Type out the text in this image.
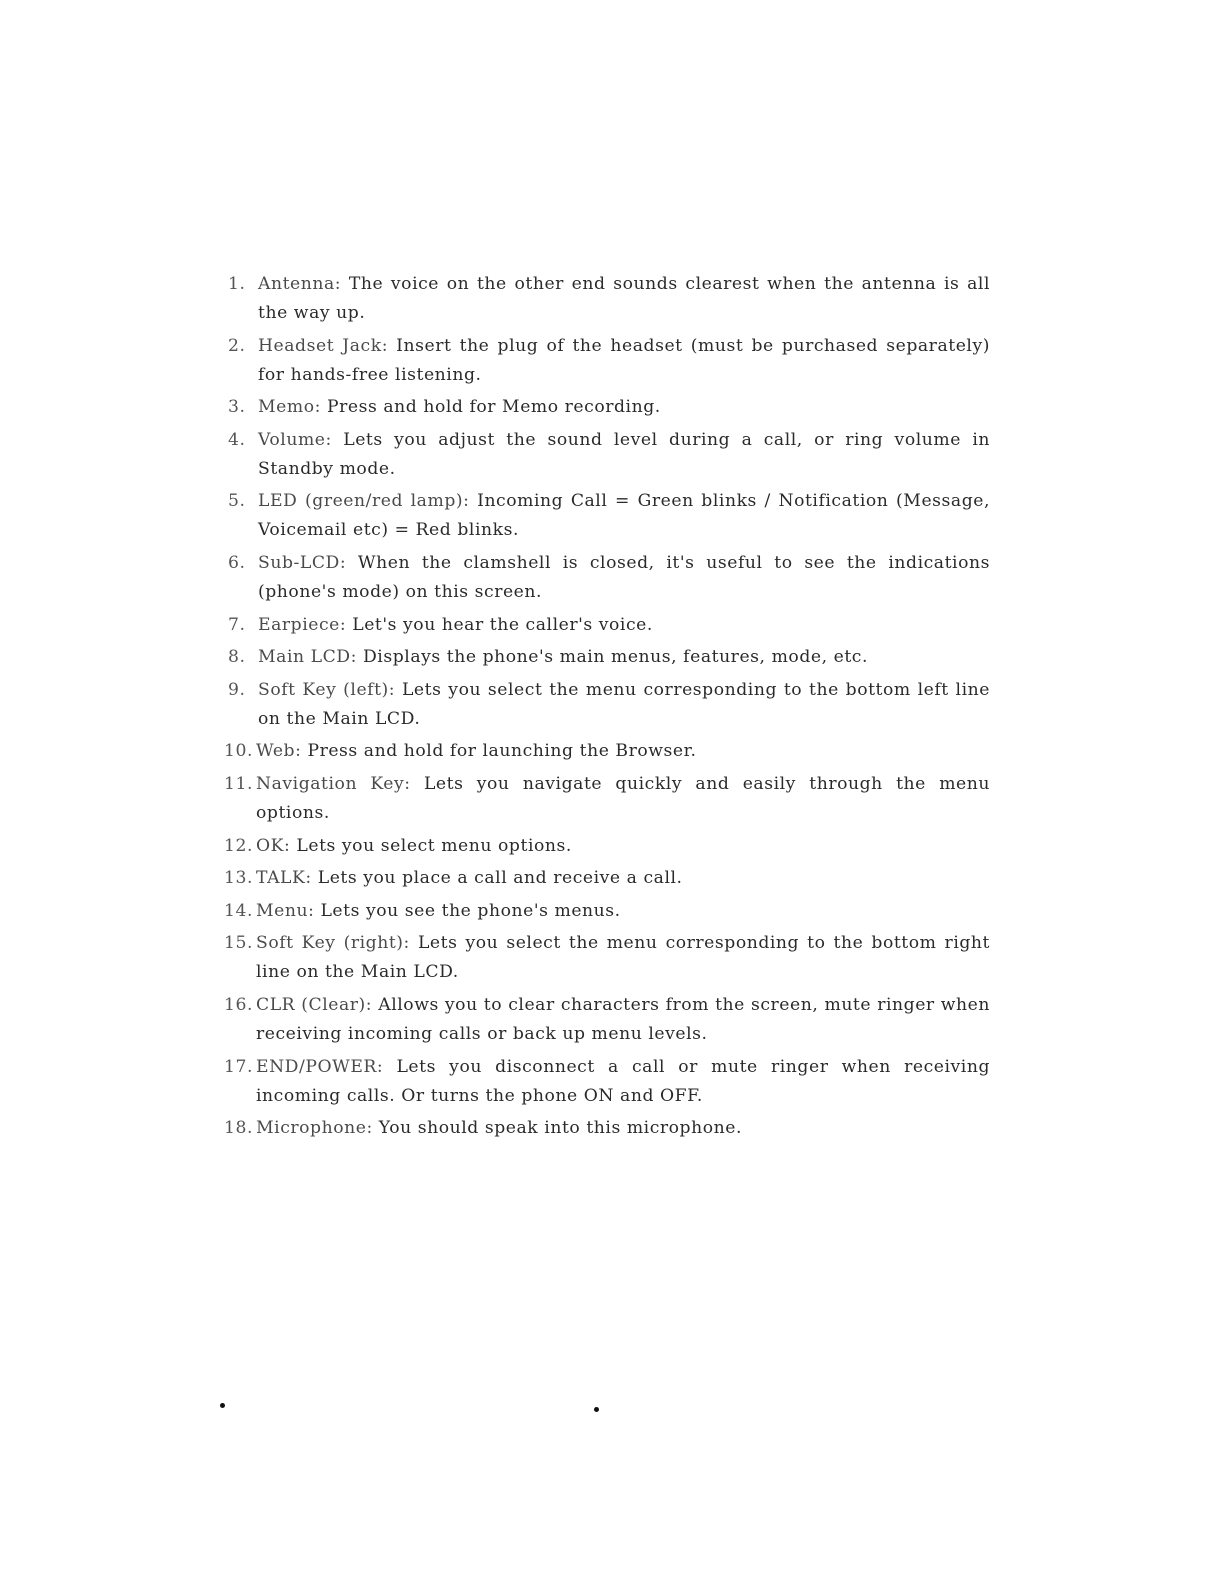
1. Antenna: The voice on the other end sounds clearest when the antenna is all the way up.
2. Headset Jack: Insert the plug of the headset (must be purchased separately) for hands-free listening.
3. Memo: Press and hold for Memo recording.
4. Volume: Lets you adjust the sound level during a call, or ring volume in Standby mode.
5. LED (green/red lamp): Incoming Call = Green blinks / Notification (Message, Voicemail etc) = Red blinks.
6. Sub-LCD: When the clamshell is closed, it's useful to see the indications (phone's mode) on this screen.
7. Earpiece: Let's you hear the caller's voice.
8. Main LCD: Displays the phone's main menus, features, mode, etc.
9. Soft Key (left): Lets you select the menu corresponding to the bottom left line on the Main LCD.
10. Web: Press and hold for launching the Browser.
11. Navigation Key: Lets you navigate quickly and easily through the menu options.
12. OK: Lets you select menu options.
13. TALK: Lets you place a call and receive a call.
14. Menu: Lets you see the phone's menus.
15. Soft Key (right): Lets you select the menu corresponding to the bottom right line on the Main LCD.
16. CLR (Clear): Allows you to clear characters from the screen, mute ringer when receiving incoming calls or back up menu levels.
17. END/POWER: Lets you disconnect a call or mute ringer when receiving incoming calls. Or turns the phone ON and OFF.
18. Microphone: You should speak into this microphone.
